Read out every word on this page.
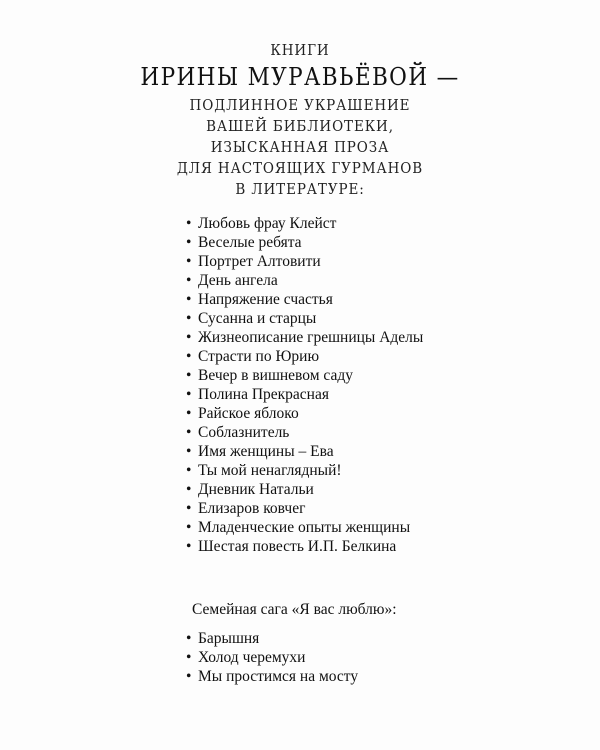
КНИГИ
ИРИНЫ МУРАВЬЁВОЙ —
ПОДЛИННОЕ УКРАШЕНИЕ
ВАШЕЙ БИБЛИОТЕКИ,
ИЗЫСКАННАЯ ПРОЗА
ДЛЯ НАСТОЯЩИХ ГУРМАНОВ
В ЛИТЕРАТУРЕ:
• Любовь фрау Клейст
• Веселые ребята
• Портрет Алтовити
• День ангела
• Напряжение счастья
• Сусанна и старцы
• Жизнеописание грешницы Аделы
• Страсти по Юрию
• Вечер в вишневом саду
• Полина Прекрасная
• Райское яблоко
• Соблазнитель
• Имя женщины – Ева
• Ты мой ненаглядный!
• Дневник Натальи
• Елизаров ковчег
• Младенческие опыты женщины
• Шестая повесть И.П. Белкина
Семейная сага «Я вас люблю»:
• Барышня
• Холод черемухи
• Мы простимся на мосту
